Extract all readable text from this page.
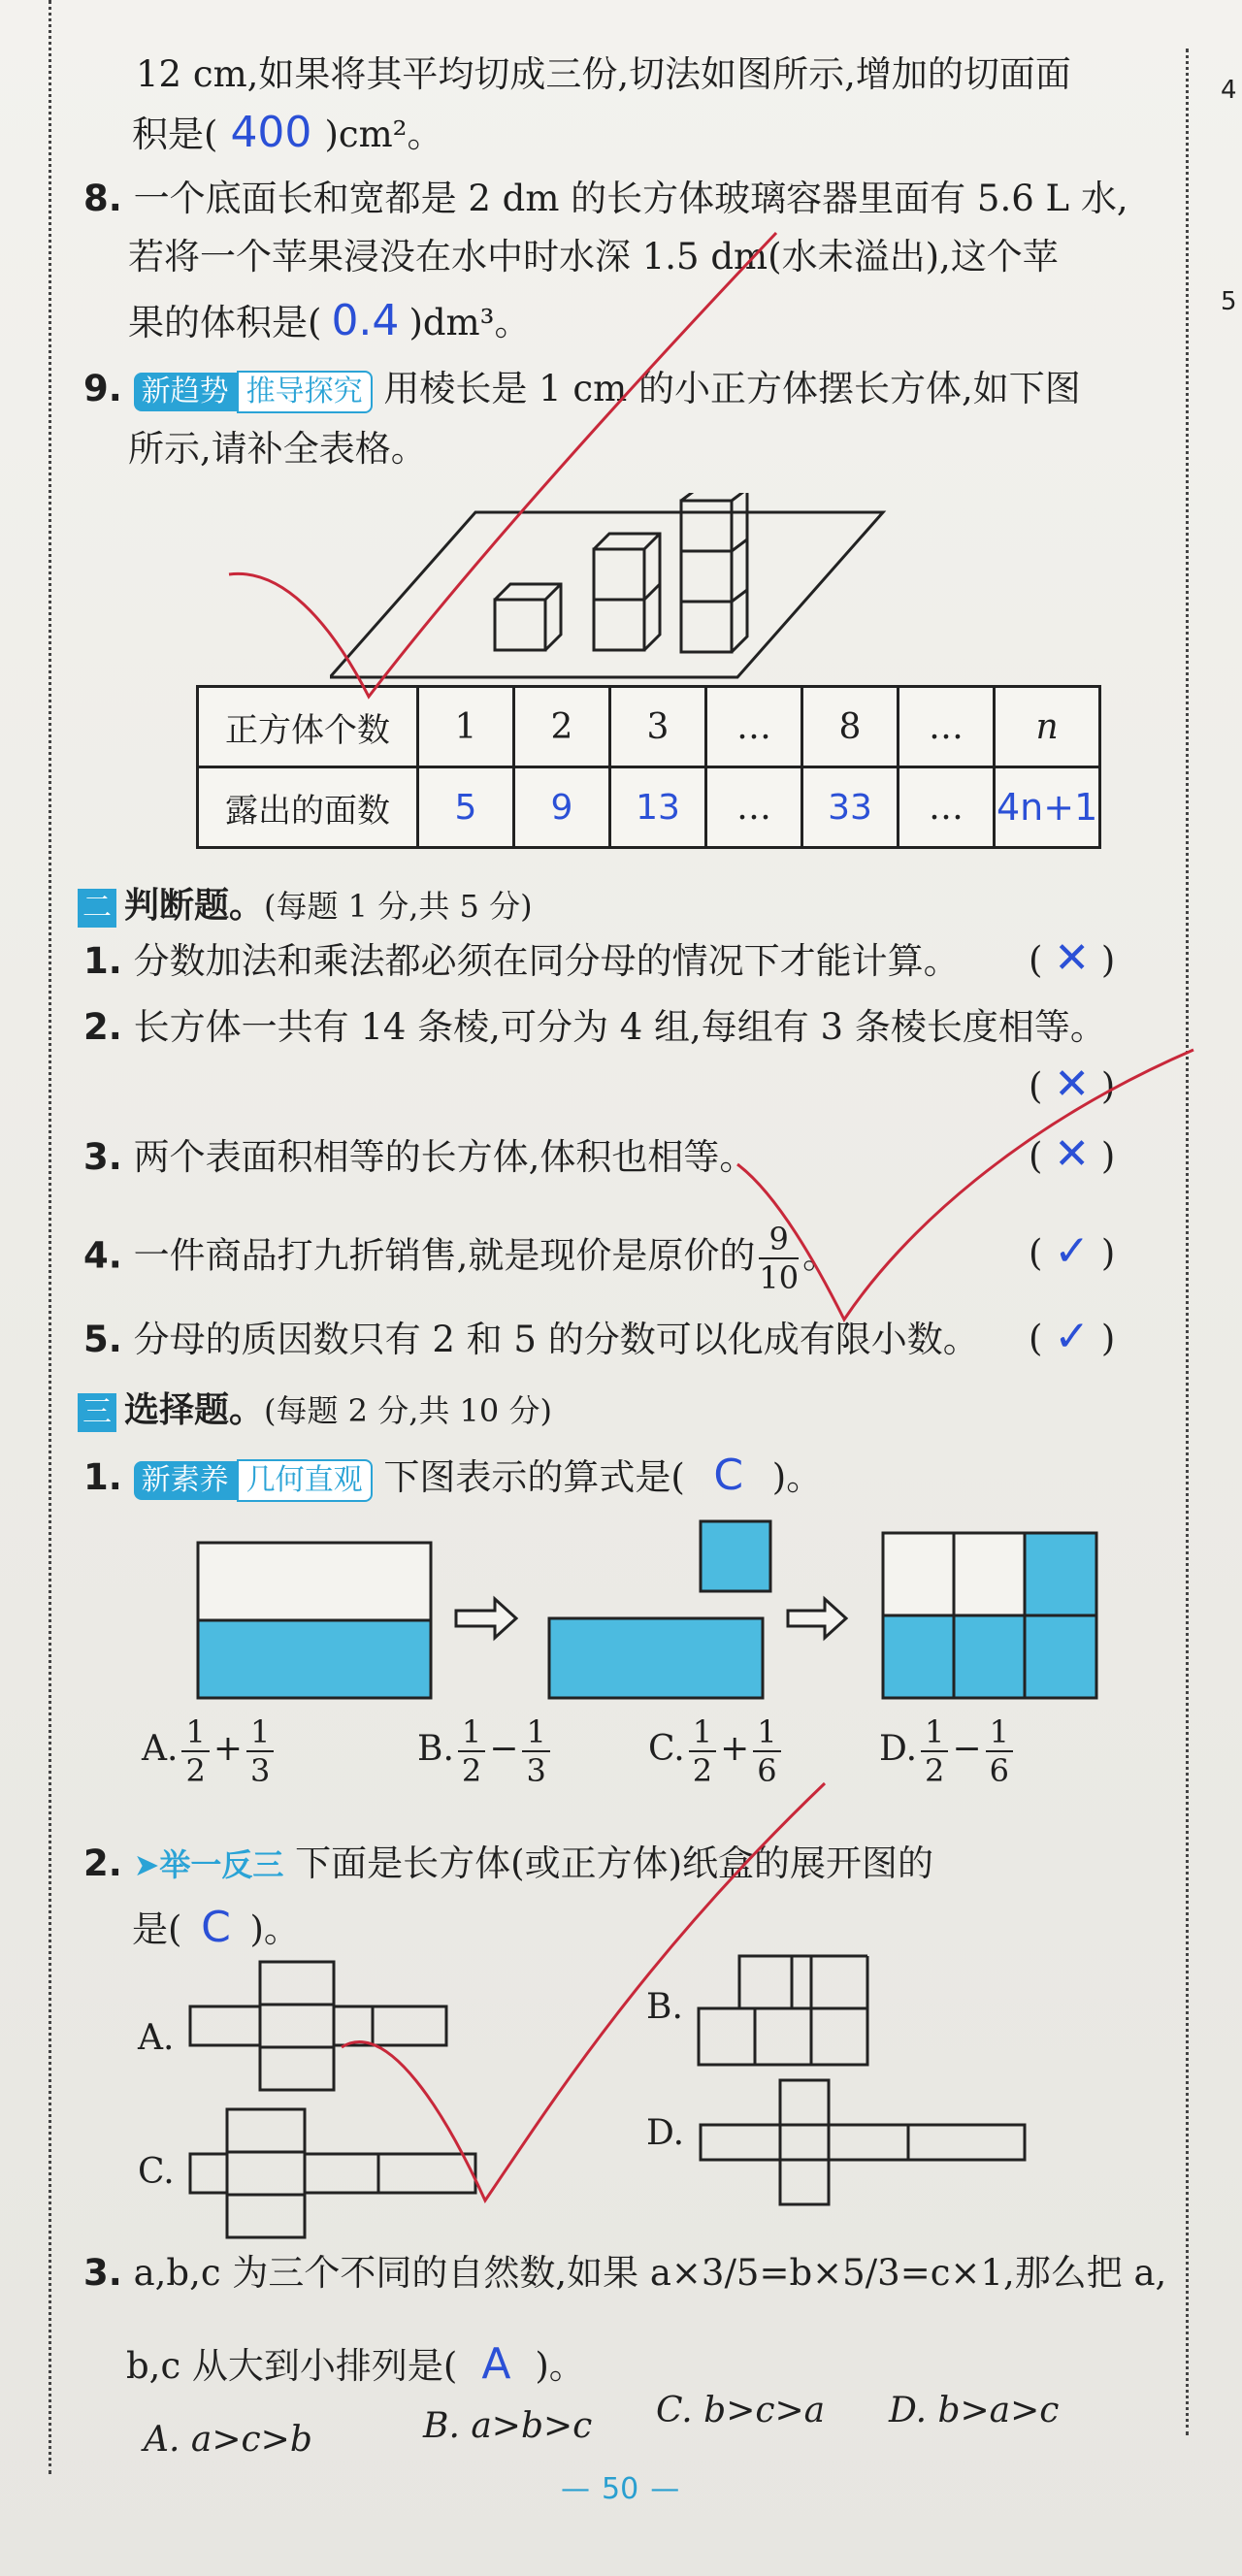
4
5
12 cm,如果将其平均切成三份,切法如图所示,增加的切面面
积是( 400 )cm²。
8. 一个底面长和宽都是 2 dm 的长方体玻璃容器里面有 5.6 L 水,
若将一个苹果浸没在水中时水深 1.5 dm(水未溢出),这个苹
果的体积是( 0.4 )dm³。
9. 新趋势 推导探究 用棱长是 1 cm 的小正方体摆长方体,如下图
所示,请补全表格。
正方体个数	1	2	3	…	8	…	n
露出的面数	5	9	13	…	33	…	4n+1
二 判断题。(每题 1 分,共 5 分)
1. 分数加法和乘法都必须在同分母的情况下才能计算。 ( ✕ )
2. 长方体一共有 14 条棱,可分为 4 组,每组有 3 条棱长度相等。
( ✕ )
3. 两个表面积相等的长方体,体积也相等。	( ✕ )
4. 一件商品打九折销售,就是现价是原价的 $\frac{9}{10}$ 。	( ✓ )
5. 分母的质因数只有 2 和 5 的分数可以化成有限小数。 ( ✓ )
三 选择题。(每题 2 分,共 10 分)
1. 新素养 几何直观 下图表示的算式是( C )。
A. $\frac{1}{2} + \frac{1}{3}$	B. $\frac{1}{2} - \frac{1}{3}$	C. $\frac{1}{2} + \frac{1}{6}$	D. $\frac{1}{2} - \frac{1}{6}$
2. ➤举一反三 下面是长方体(或正方体)纸盒的展开图的
是( C )。
A.
B.
C.
D.
3. a,b,c 为三个不同的自然数,如果 a×3/5=b×5/3=c×1,那么把 a,
b,c 从大到小排列是( A )。
A. a>c>b	B. a>b>c C. b>c>a D. b>a>c
— 50 —
